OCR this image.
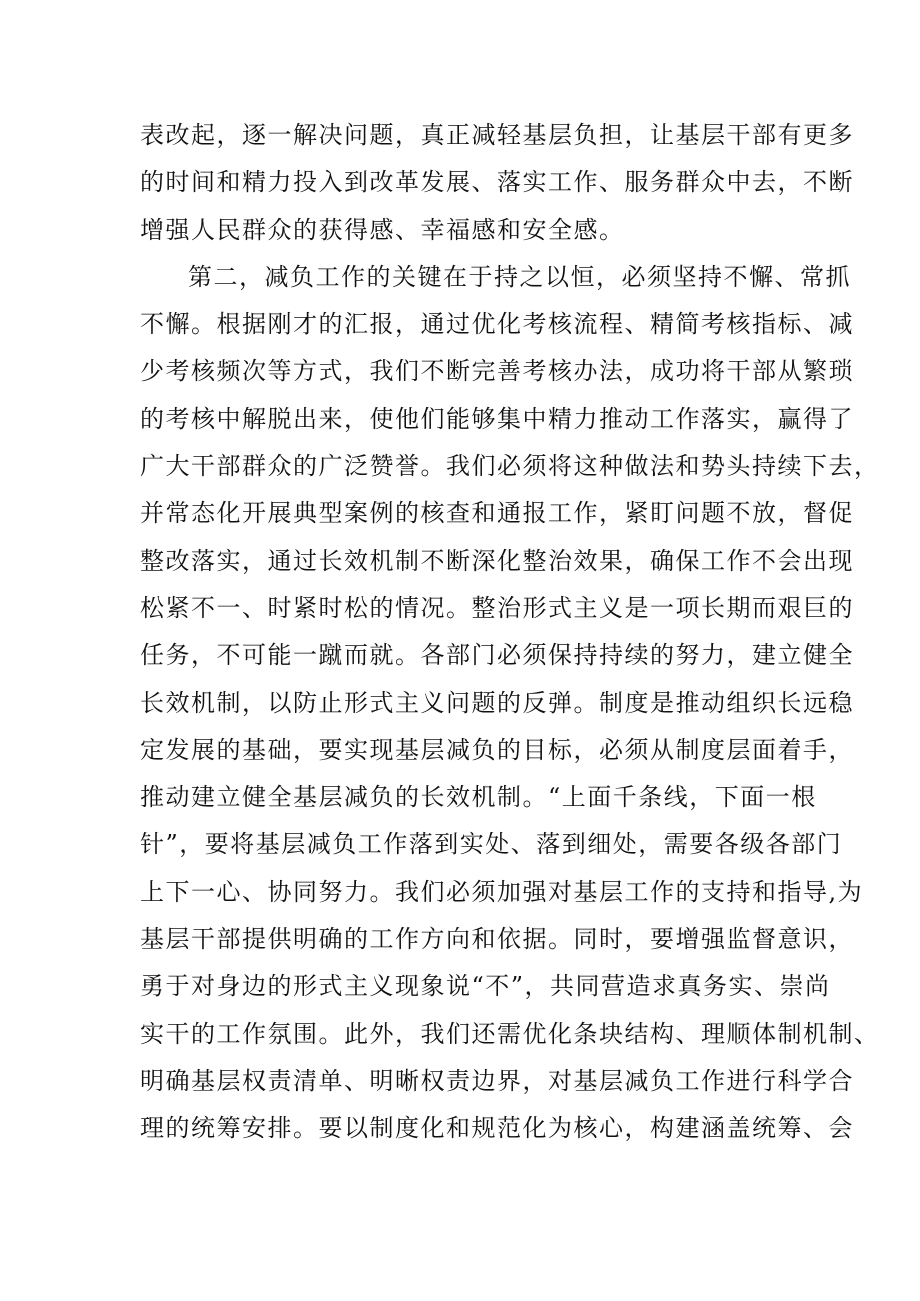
表改起，逐一解决问题，真正减轻基层负担，让基层干部有更多
的时间和精力投入到改革发展、落实工作、服务群众中去，不断
增强人民群众的获得感、幸福感和安全感。
第二，减负工作的关键在于持之以恒，必须坚持不懈、常抓
不懈。根据刚才的汇报，通过优化考核流程、精简考核指标、减
少考核频次等方式，我们不断完善考核办法，成功将干部从繁琐
的考核中解脱出来，使他们能够集中精力推动工作落实，赢得了
广大干部群众的广泛赞誉。我们必须将这种做法和势头持续下去，
并常态化开展典型案例的核查和通报工作，紧盯问题不放，督促
整改落实，通过长效机制不断深化整治效果，确保工作不会出现
松紧不一、时紧时松的情况。整治形式主义是一项长期而艰巨的
任务，不可能一蹴而就。各部门必须保持持续的努力，建立健全
长效机制，以防止形式主义问题的反弹。制度是推动组织长远稳
定发展的基础，要实现基层减负的目标，必须从制度层面着手，
推动建立健全基层减负的长效机制。“上面千条线，下面一根
针”，要将基层减负工作落到实处、落到细处，需要各级各部门
上下一心、协同努力。我们必须加强对基层工作的支持和指导,为
基层干部提供明确的工作方向和依据。同时，要增强监督意识，
勇于对身边的形式主义现象说“不”，共同营造求真务实、崇尚
实干的工作氛围。此外，我们还需优化条块结构、理顺体制机制、
明确基层权责清单、明晰权责边界，对基层减负工作进行科学合
理的统筹安排。要以制度化和规范化为核心，构建涵盖统筹、会
